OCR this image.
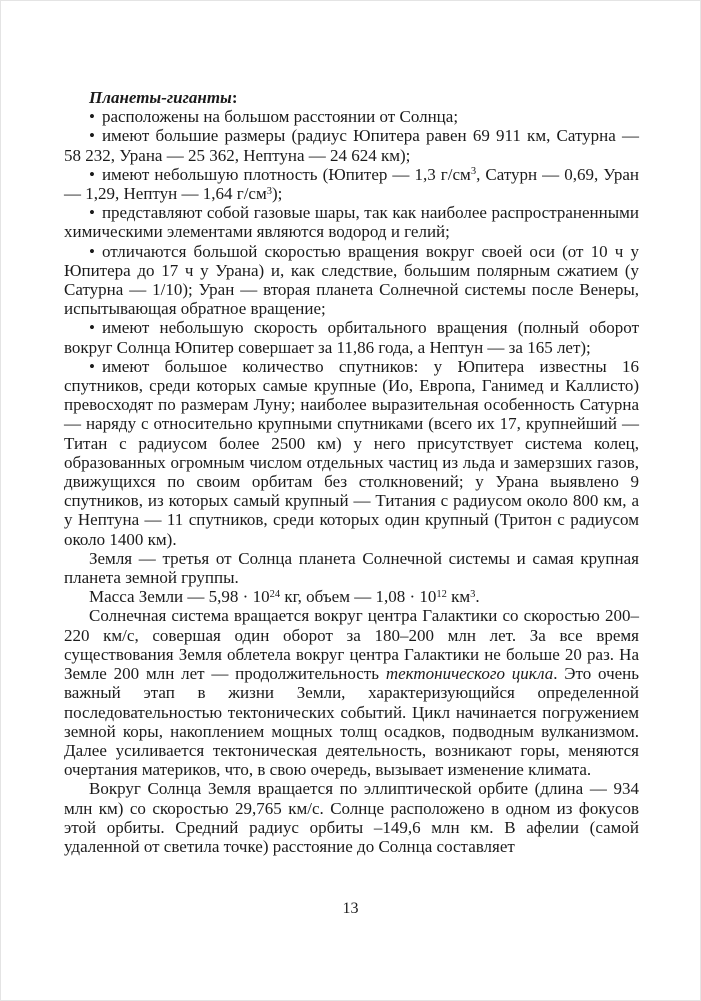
Планеты-гиганты:

• расположены на большом расстоянии от Солнца;

• имеют большие размеры (радиус Юпитера равен 69 911 км, Сатурна — 58 232, Урана — 25 362, Нептуна — 24 624 км);

• имеют небольшую плотность (Юпитер — 1,3 $г/см^3$, Сатурн — 0,69, Уран — 1,29, Нептун — 1,64 $г/см^3$);

• представляют собой газовые шары, так как наиболее распространенными химическими элементами являются водород и гелий;

• отличаются большой скоростью вращения вокруг своей оси (от 10 ч у Юпитера до 17 ч у Урана) и, как следствие, большим полярным сжатием (у Сатурна — 1/10); Уран — вторая планета Солнечной системы после Венеры, испытывающая обратное вращение;

• имеют небольшую скорость орбитального вращения (полный оборот вокруг Солнца Юпитер совершает за 11,86 года, а Нептун — за 165 лет);

• имеют большое количество спутников: у Юпитера известны 16 спутников, среди которых самые крупные (Ио, Европа, Ганимед и Каллисто) превосходят по размерам Луну; наиболее выразительная особенность Сатурна — наряду с относительно крупными спутниками (всего их 17, крупнейший — Титан с радиусом более 2500 км) у него присутствует система колец, образованных огромным числом отдельных частиц из льда и замерзших газов, движущихся по своим орбитам без столкновений; у Урана выявлено 9 спутников, из которых самый крупный — Титания с радиусом около 800 км, а у Нептуна — 11 спутников, среди которых один крупный (Тритон с радиусом около 1400 км).

Земля — третья от Солнца планета Солнечной системы и самая крупная планета земной группы.

Масса Земли — $5,98 \cdot 10^{24}$ кг, объем — $1,08 \cdot 10^{12}$ $км^3$.

Солнечная система вращается вокруг центра Галактики со скоростью 200–220 км/с, совершая один оборот за 180–200 млн лет. За все время существования Земля облетела вокруг центра Галактики не больше 20 раз. На Земле 200 млн лет — продолжительность тектонического цикла. Это очень важный этап в жизни Земли, характеризующийся определенной последовательностью тектонических событий. Цикл начинается погружением земной коры, накоплением мощных толщ осадков, подводным вулканизмом. Далее усиливается тектоническая деятельность, возникают горы, меняются очертания материков, что, в свою очередь, вызывает изменение климата.

Вокруг Солнца Земля вращается по эллиптической орбите (длина — 934 млн км) со скоростью 29,765 км/с. Солнце расположено в одном из фокусов этой орбиты. Средний радиус орбиты –149,6 млн км. В афелии (самой удаленной от светила точке) расстояние до Солнца составляет

13
